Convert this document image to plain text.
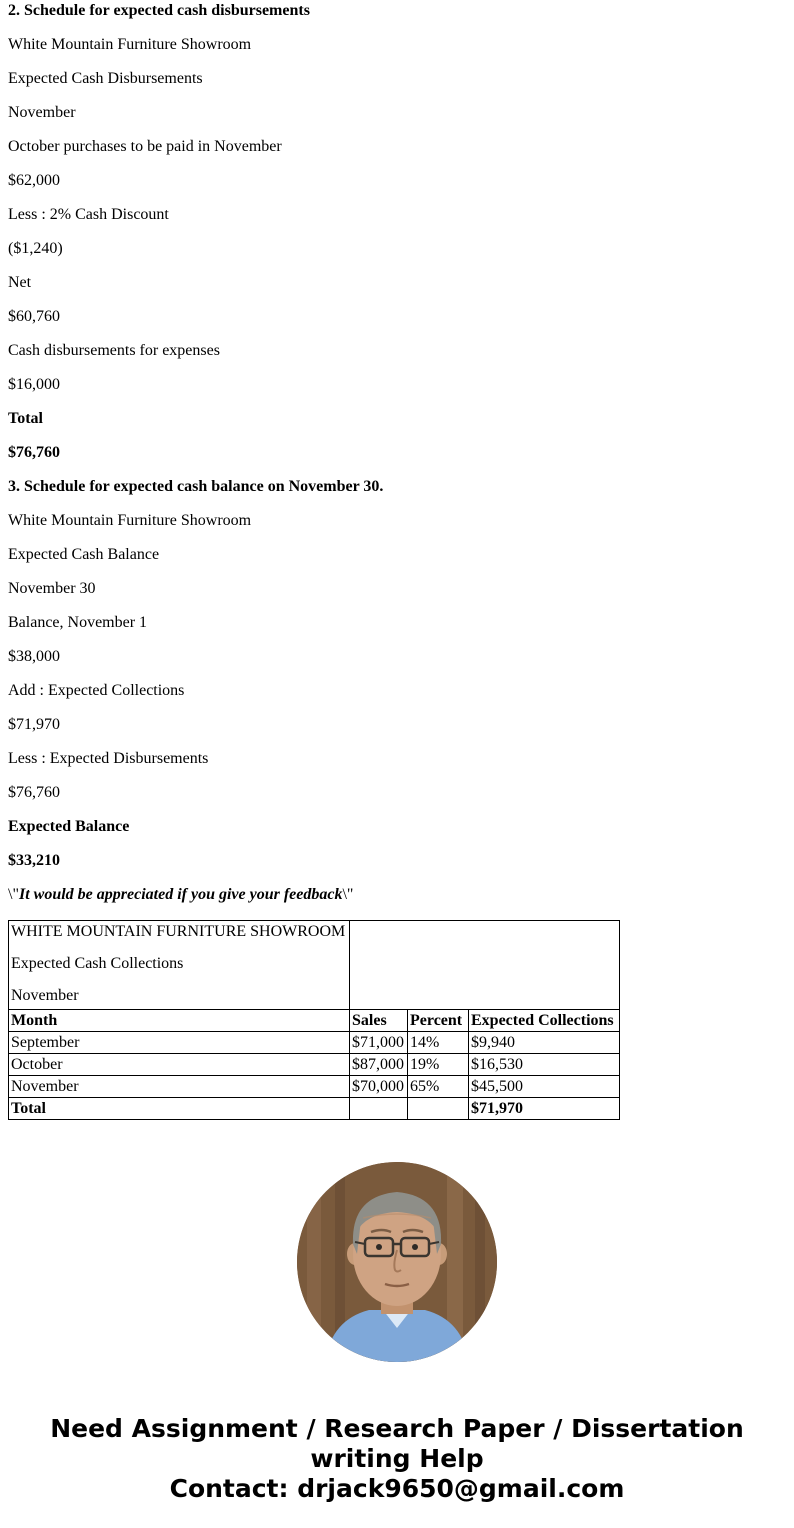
2. Schedule for expected cash disbursements

White Mountain Furniture Showroom

Expected Cash Disbursements

November

October purchases to be paid in November

$62,000

Less : 2% Cash Discount

($1,240)

Net

$60,760

Cash disbursements for expenses

$16,000

Total

$76,760

3. Schedule for expected cash balance on November 30.

White Mountain Furniture Showroom

Expected Cash Balance

November 30

Balance, November 1

$38,000

Add : Expected Collections

$71,970

Less : Expected Disbursements

$76,760

Expected Balance

$33,210

\"It would be appreciated if you give your feedback\"

WHITE MOUNTAIN FURNITURE SHOWROOM

Expected Cash Collections

November			

Month	Sales	Percent	Expected Collections
September	$71,000	14%	$9,940
October	$87,000	19%	$16,530
November	$70,000	65%	$45,500
Total			$71,970
Need Assignment / Research Paper / Dissertation writing Help
Contact: drjack9650@gmail.com
